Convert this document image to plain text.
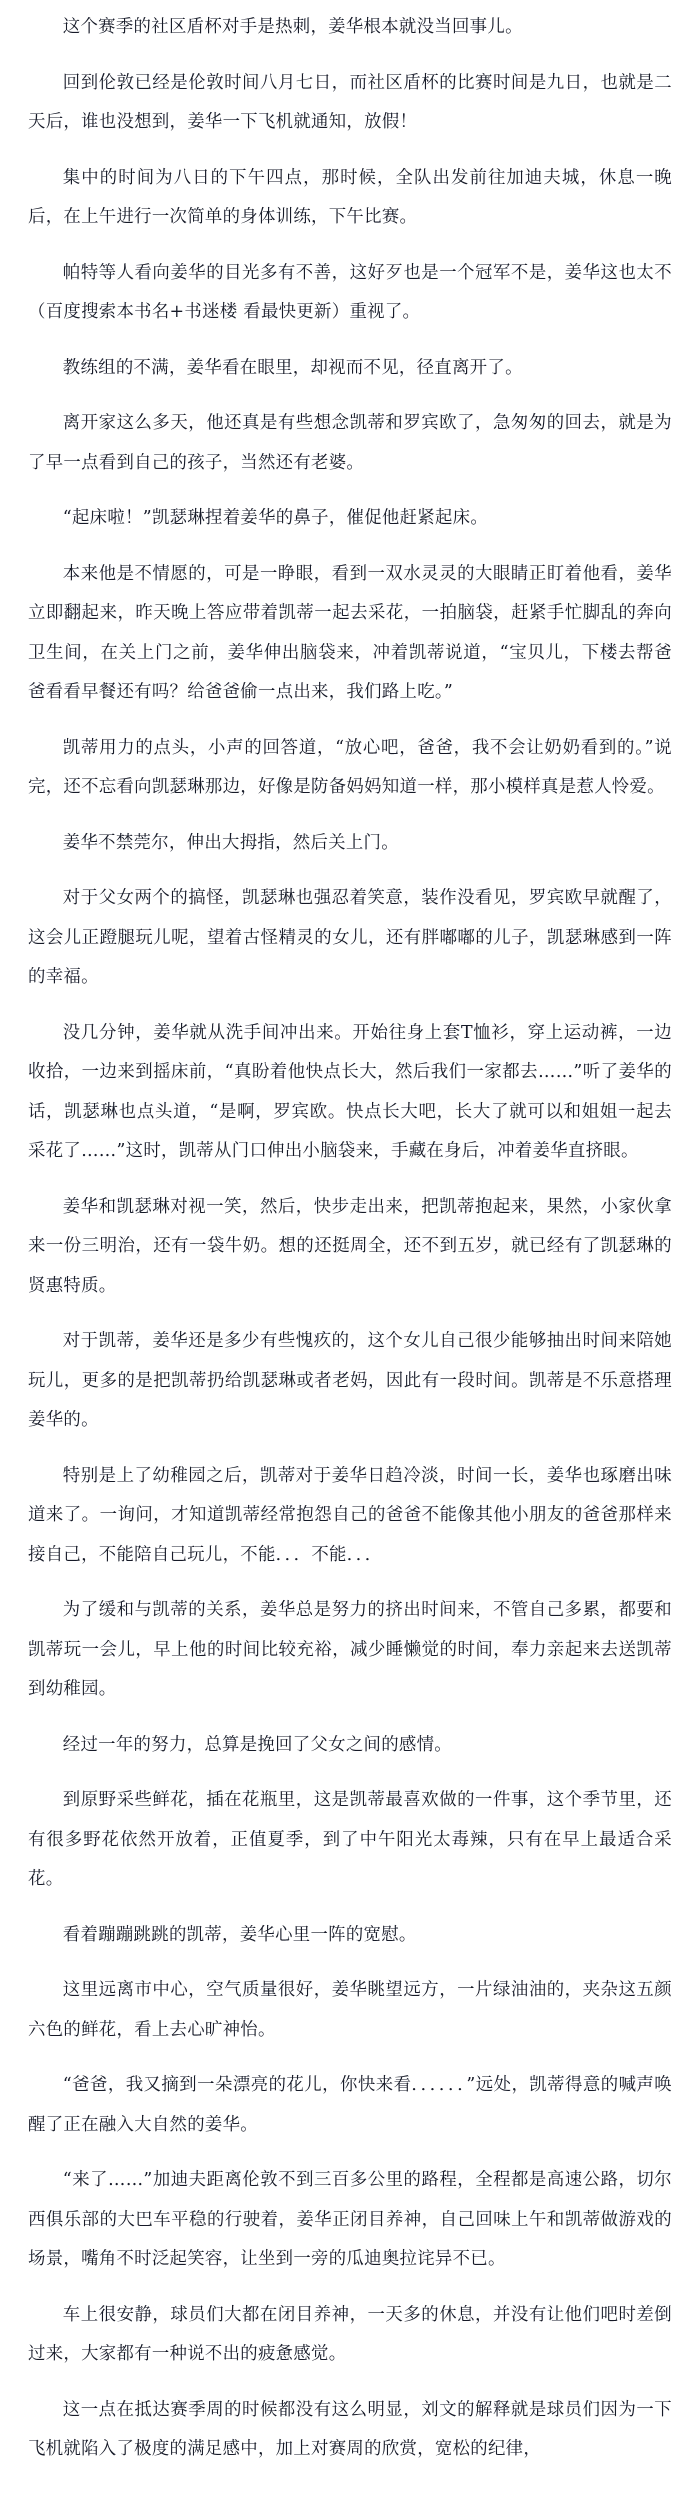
这个赛季的社区盾杯对手是热刺，姜华根本就没当回事儿。

回到伦敦已经是伦敦时间八月七日，而社区盾杯的比赛时间是九日，也就是二天后，谁也没想到，姜华一下飞机就通知，放假！

集中的时间为八日的下午四点，那时候，全队出发前往加迪夫城，休息一晚后，在上午进行一次简单的身体训练，下午比赛。

帕特等人看向姜华的目光多有不善，这好歹也是一个冠军不是，姜华这也太不（百度搜索本书名+书迷楼 看最快更新）重视了。

教练组的不满，姜华看在眼里，却视而不见，径直离开了。

离开家这么多天，他还真是有些想念凯蒂和罗宾欧了，急匆匆的回去，就是为了早一点看到自己的孩子，当然还有老婆。

“起床啦！”凯瑟琳捏着姜华的鼻子，催促他赶紧起床。

本来他是不情愿的，可是一睁眼，看到一双水灵灵的大眼睛正盯着他看，姜华立即翻起来，昨天晚上答应带着凯蒂一起去采花，一拍脑袋，赶紧手忙脚乱的奔向卫生间，在关上门之前，姜华伸出脑袋来，冲着凯蒂说道，“宝贝儿，下楼去帮爸爸看看早餐还有吗？给爸爸偷一点出来，我们路上吃。”

凯蒂用力的点头，小声的回答道，“放心吧，爸爸，我不会让奶奶看到的。”说完，还不忘看向凯瑟琳那边，好像是防备妈妈知道一样，那小模样真是惹人怜爱。

姜华不禁莞尔，伸出大拇指，然后关上门。

对于父女两个的搞怪，凯瑟琳也强忍着笑意，装作没看见，罗宾欧早就醒了，这会儿正蹬腿玩儿呢，望着古怪精灵的女儿，还有胖嘟嘟的儿子，凯瑟琳感到一阵的幸福。

没几分钟，姜华就从洗手间冲出来。开始往身上套T恤衫，穿上运动裤，一边收拾，一边来到摇床前，“真盼着他快点长大，然后我们一家都去……”听了姜华的话，凯瑟琳也点头道，“是啊，罗宾欧。快点长大吧，长大了就可以和姐姐一起去采花了……”这时，凯蒂从门口伸出小脑袋来，手藏在身后，冲着姜华直挤眼。

姜华和凯瑟琳对视一笑，然后，快步走出来，把凯蒂抱起来，果然，小家伙拿来一份三明治，还有一袋牛奶。想的还挺周全，还不到五岁，就已经有了凯瑟琳的贤惠特质。

对于凯蒂，姜华还是多少有些愧疚的，这个女儿自己很少能够抽出时间来陪她玩儿，更多的是把凯蒂扔给凯瑟琳或者老妈，因此有一段时间。凯蒂是不乐意搭理姜华的。

特别是上了幼稚园之后，凯蒂对于姜华日趋冷淡，时间一长，姜华也琢磨出味道来了。一询问，才知道凯蒂经常抱怨自己的爸爸不能像其他小朋友的爸爸那样来接自己，不能陪自己玩儿，不能．．．不能．．．

为了缓和与凯蒂的关系，姜华总是努力的挤出时间来，不管自己多累，都要和凯蒂玩一会儿，早上他的时间比较充裕，减少睡懒觉的时间，奉力亲起来去送凯蒂到幼稚园。

经过一年的努力，总算是挽回了父女之间的感情。

到原野采些鲜花，插在花瓶里，这是凯蒂最喜欢做的一件事，这个季节里，还有很多野花依然开放着，正值夏季，到了中午阳光太毒辣，只有在早上最适合采花。

看着蹦蹦跳跳的凯蒂，姜华心里一阵的宽慰。

这里远离市中心，空气质量很好，姜华眺望远方，一片绿油油的，夹杂这五颜六色的鲜花，看上去心旷神怡。

“爸爸，我又摘到一朵漂亮的花儿，你快来看．．．．．．”远处，凯蒂得意的喊声唤醒了正在融入大自然的姜华。

“来了……”加迪夫距离伦敦不到三百多公里的路程，全程都是高速公路，切尔西俱乐部的大巴车平稳的行驶着，姜华正闭目养神，自己回味上午和凯蒂做游戏的场景，嘴角不时泛起笑容，让坐到一旁的瓜迪奥拉诧异不已。

车上很安静，球员们大都在闭目养神，一天多的休息，并没有让他们吧时差倒过来，大家都有一种说不出的疲惫感觉。

这一点在抵达赛季周的时候都没有这么明显，刘文的解释就是球员们因为一下飞机就陷入了极度的满足感中，加上对赛周的欣赏，宽松的纪律，
